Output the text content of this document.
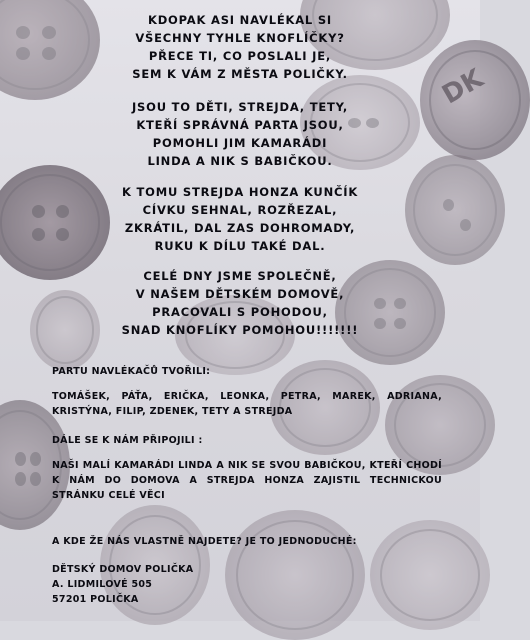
DK
KDOPAK ASI NAVLÉKAL SI
VŠECHNY TYHLE KNOFLÍČKY?
PŘECE TI, CO POSLALI JE,
SEM K VÁM Z MĚSTA POLIČKY.
JSOU TO DĚTI, STREJDA, TETY,
KTEŘÍ SPRÁVNÁ PARTA JSOU,
POMOHLI JIM KAMARÁDI
LINDA A NIK S BABIČKOU.
K TOMU STREJDA HONZA KUNČÍK
CÍVKU SEHNAL, ROZŘEZAL,
ZKRÁTIL, DAL ZAS DOHROMADY,
RUKU K DÍLU TAKÉ DAL.
CELÉ DNY JSME SPOLEČNĚ,
V NAŠEM DĚTSKÉM DOMOVĚ,
PRACOVALI S POHODOU,
SNAD KNOFLÍKY POMOHOU!!!!!!!
PARTU NAVLÉKAČŮ TVOŘILI:
TOMÁŠEK, PÁŤA, ERIČKA, LEONKA, PETRA, MAREK, ADRIANA, KRISTÝNA, FILIP, ZDENEK, TETY A STREJDA
DÁLE SE K NÁM PŘIPOJILI :
NAŠI MALÍ KAMARÁDI LINDA A NIK SE SVOU BABIČKOU, KTEŘÍ CHODÍ K NÁM DO DOMOVA A STREJDA HONZA ZAJISTIL TECHNICKOU STRÁNKU CELÉ VĚCI
A KDE ŽE NÁS VLASTNĚ NAJDETE? JE TO JEDNODUCHÉ:
DĚTSKÝ DOMOV POLIČKA
A. LIDMILOVÉ 505
57201 POLIČKA
